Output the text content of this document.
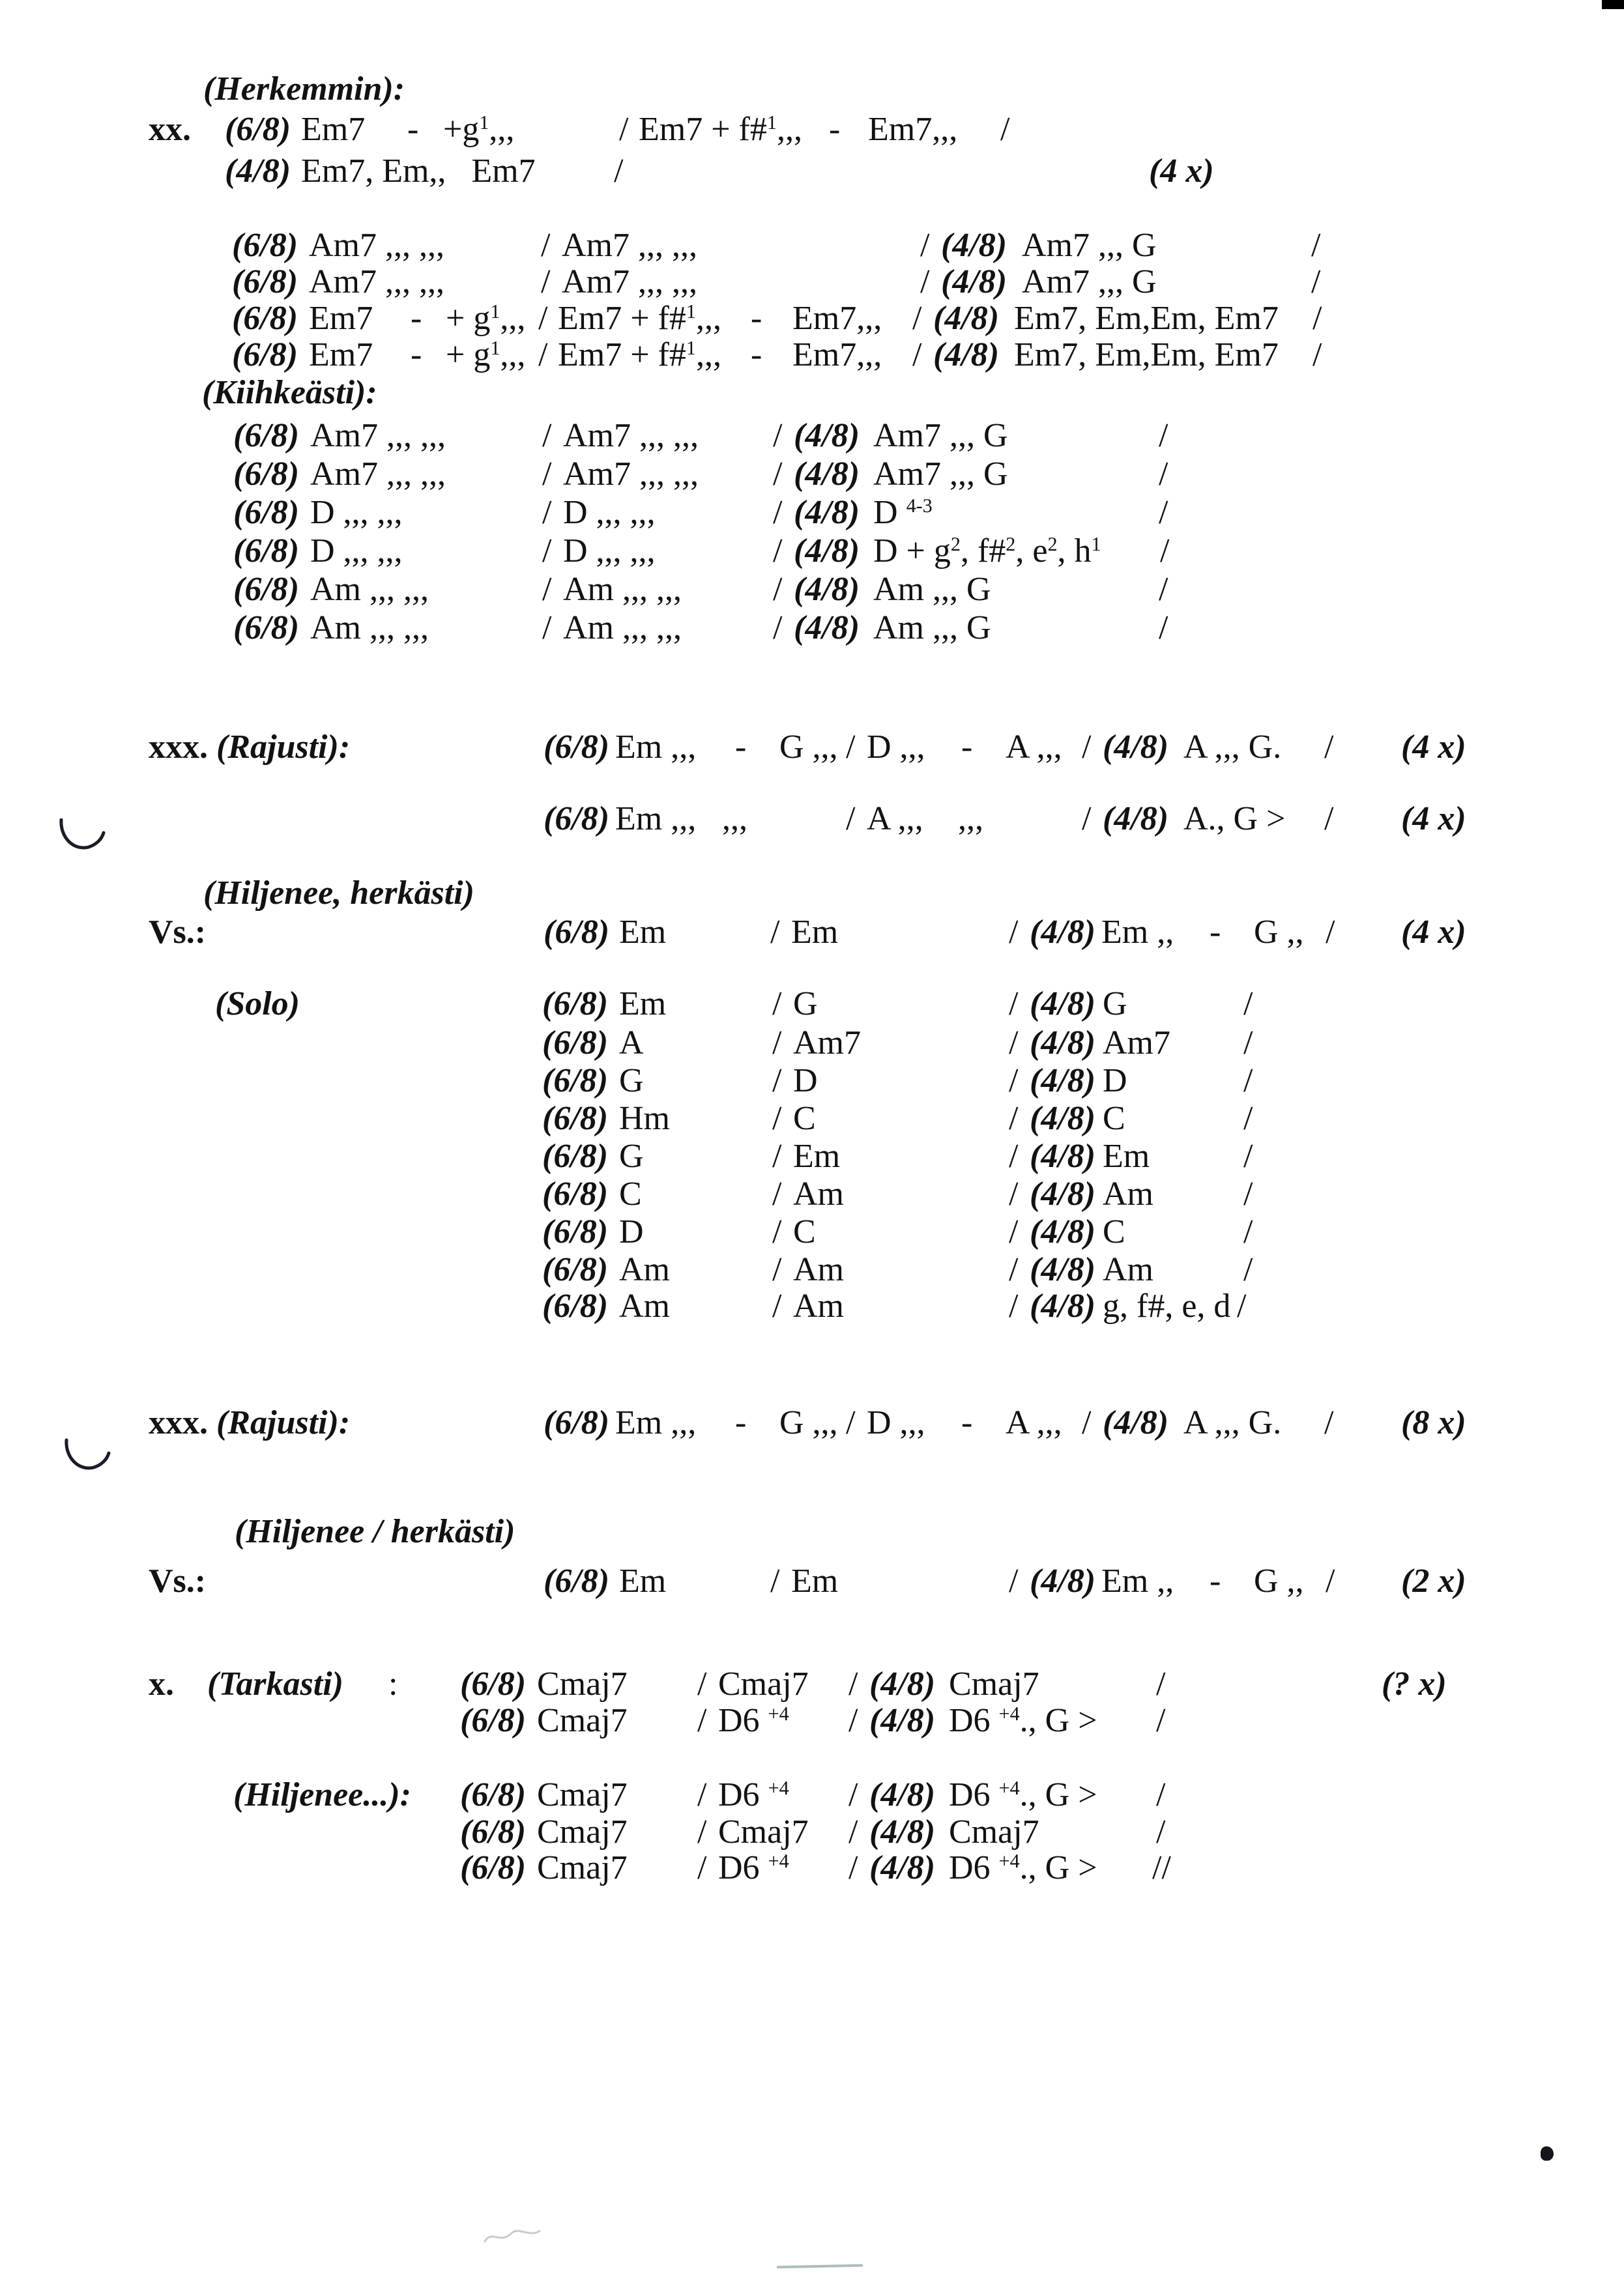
(Herkemmin):
xx. (6/8) $Em7 - +g^1$,,,	/ Em7 + f#$^1$,,, - Em7,,, /
(4/8) Em7, Em,,   Em7 /	(4 x)
(6/8) Am7 ,,, ,,,	/ Am7 ,,, ,,,	/ (4/8) Am7 ,,, G	/
(6/8) Am7 ,,, ,,,	/ Am7 ,,, ,,,	/ (4/8) Am7 ,,, G	/
(6/8) Em7 - + $g^1$,,, / Em7 + f#$^1$,,, - Em7,,, / (4/8) Em7, Em,Em, Em7 /
(6/8) Em7 - + $g^1$,,, / Em7 + f#$^1$,,, - Em7,,, / (4/8) Em7, Em,Em, Em7 /
(Kiihkeästi):
(6/8) Am7 ,,, ,,,	/ Am7 ,,, ,,, / (4/8) Am7 ,,, G	/
(6/8) Am7 ,,, ,,,	/ Am7 ,,, ,,, / (4/8) Am7 ,,, G	/
(6/8) D ,,, ,,,	/ D ,,, ,,,	/ (4/8) D $^{4-3}$	/
(6/8) D ,,, ,,,	/ D ,,, ,,,	/ (4/8) $D + g^2$, f#$^2$, $e^2$, $h^1$ /
(6/8) Am ,,, ,,,	/ Am ,,, ,,,	/ (4/8) Am ,,, G	/
(6/8) Am ,,, ,,,	/ Am ,,, ,,,	/ (4/8) Am ,,, G	/
xxx. (Rajusti):	(6/8) Em ,,, - G ,,, / D ,,, - A ,,, / (4/8) A ,,, G. / (4 x)
(6/8) Em ,,, ,,,	/ A ,,, ,,,	/ (4/8) A., G > / (4 x)
(Hiljenee, herkästi)
Vs.:	(6/8) Em	/ Em	/ (4/8) Em ,, - G ,, / (4 x)
(Solo)	(6/8) Em	/ G	/ (4/8) G	/
(6/8) A	/ Am7	/ (4/8) Am7 /
(6/8) G	/ D	/ (4/8) D	/
(6/8) Hm	/ C	/ (4/8) C	/
(6/8) G	/ Em	/ (4/8) Em	/
(6/8) C	/ Am	/ (4/8) Am	/
(6/8) D	/ C	/ (4/8) C	/
(6/8) Am	/ Am	/ (4/8) Am	/
(6/8) Am	/ Am	/ (4/8) g, f#, e, d /
xxx. (Rajusti):	(6/8) Em ,,, - G ,,, / D ,,, - A ,,, / (4/8) A ,,, G. / (8 x)
(Hiljenee / herkästi)
Vs.:	(6/8) Em	/ Em	/ (4/8) Em ,, - G ,, / (2 x)
x. (Tarkasti) : (6/8) Cmaj7 / Cmaj7 / (4/8) Cmaj7	/	(? x)
(6/8) Cmaj7 / D6 $^{+4}$ / (4/8) D6 $^{+4}$., G > /
(Hiljenee...): (6/8) Cmaj7 / D6 $^{+4}$ / (4/8) D6 $^{+4}$., G > /
(6/8) Cmaj7 / Cmaj7 / (4/8) Cmaj7	/
(6/8) Cmaj7 / D6 $^{+4}$ / (4/8) D6 $^{+4}$., G > //
